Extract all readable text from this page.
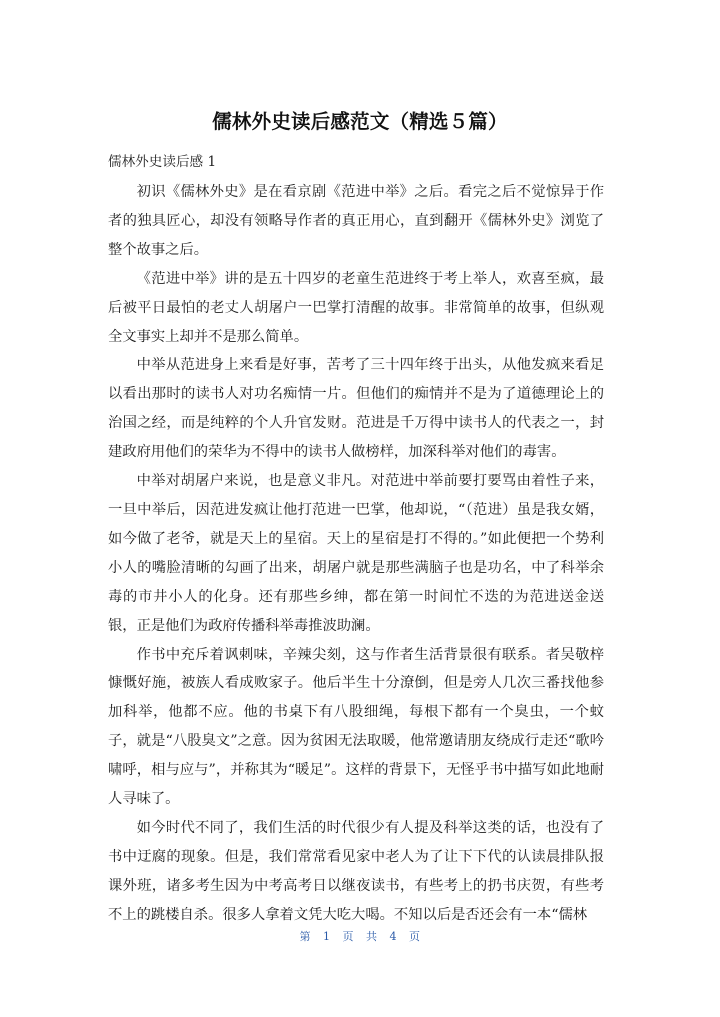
儒林外史读后感范文（精选５篇）
儒林外史读后感 1

初识《儒林外史》是在看京剧《范进中举》之后。看完之后不觉惊异于作者的独具匠心，却没有领略导作者的真正用心，直到翻开《儒林外史》浏览了整个故事之后。

《范进中举》讲的是五十四岁的老童生范进终于考上举人，欢喜至疯，最后被平日最怕的老丈人胡屠户一巴掌打清醒的故事。非常简单的故事，但纵观全文事实上却并不是那么简单。

中举从范进身上来看是好事，苦考了三十四年终于出头，从他发疯来看足以看出那时的读书人对功名痴情一片。但他们的痴情并不是为了道德理论上的治国之经，而是纯粹的个人升官发财。范进是千万得中读书人的代表之一，封建政府用他们的荣华为不得中的读书人做榜样，加深科举对他们的毒害。

中举对胡屠户来说，也是意义非凡。对范进中举前要打要骂由着性子来，一旦中举后，因范进发疯让他打范进一巴掌，他却说，“（范进）虽是我女婿，如今做了老爷，就是天上的星宿。天上的星宿是打不得的。”如此便把一个势利小人的嘴脸清晰的勾画了出来，胡屠户就是那些满脑子也是功名，中了科举余毒的市井小人的化身。还有那些乡绅，都在第一时间忙不迭的为范进送金送银，正是他们为政府传播科举毒推波助澜。

作书中充斥着讽刺味，辛辣尖刻，这与作者生活背景很有联系。者吴敬梓慷慨好施，被族人看成败家子。他后半生十分潦倒，但是旁人几次三番找他参加科举，他都不应。他的书桌下有八股细绳，每根下都有一个臭虫，一个蚊子，就是“八股臭文”之意。因为贫困无法取暖，他常邀请朋友绕成行走还“歌吟啸呼，相与应与”，并称其为“暖足”。这样的背景下，无怪乎书中描写如此地耐人寻味了。

如今时代不同了，我们生活的时代很少有人提及科举这类的话，也没有了书中迂腐的现象。但是，我们常常看见家中老人为了让下下代的认读晨排队报课外班，诸多考生因为中考高考日以继夜读书，有些考上的扔书庆贺，有些考不上的跳楼自杀。很多人拿着文凭大吃大喝。不知以后是否还会有一本“儒林

第 1 页 共 4 页
